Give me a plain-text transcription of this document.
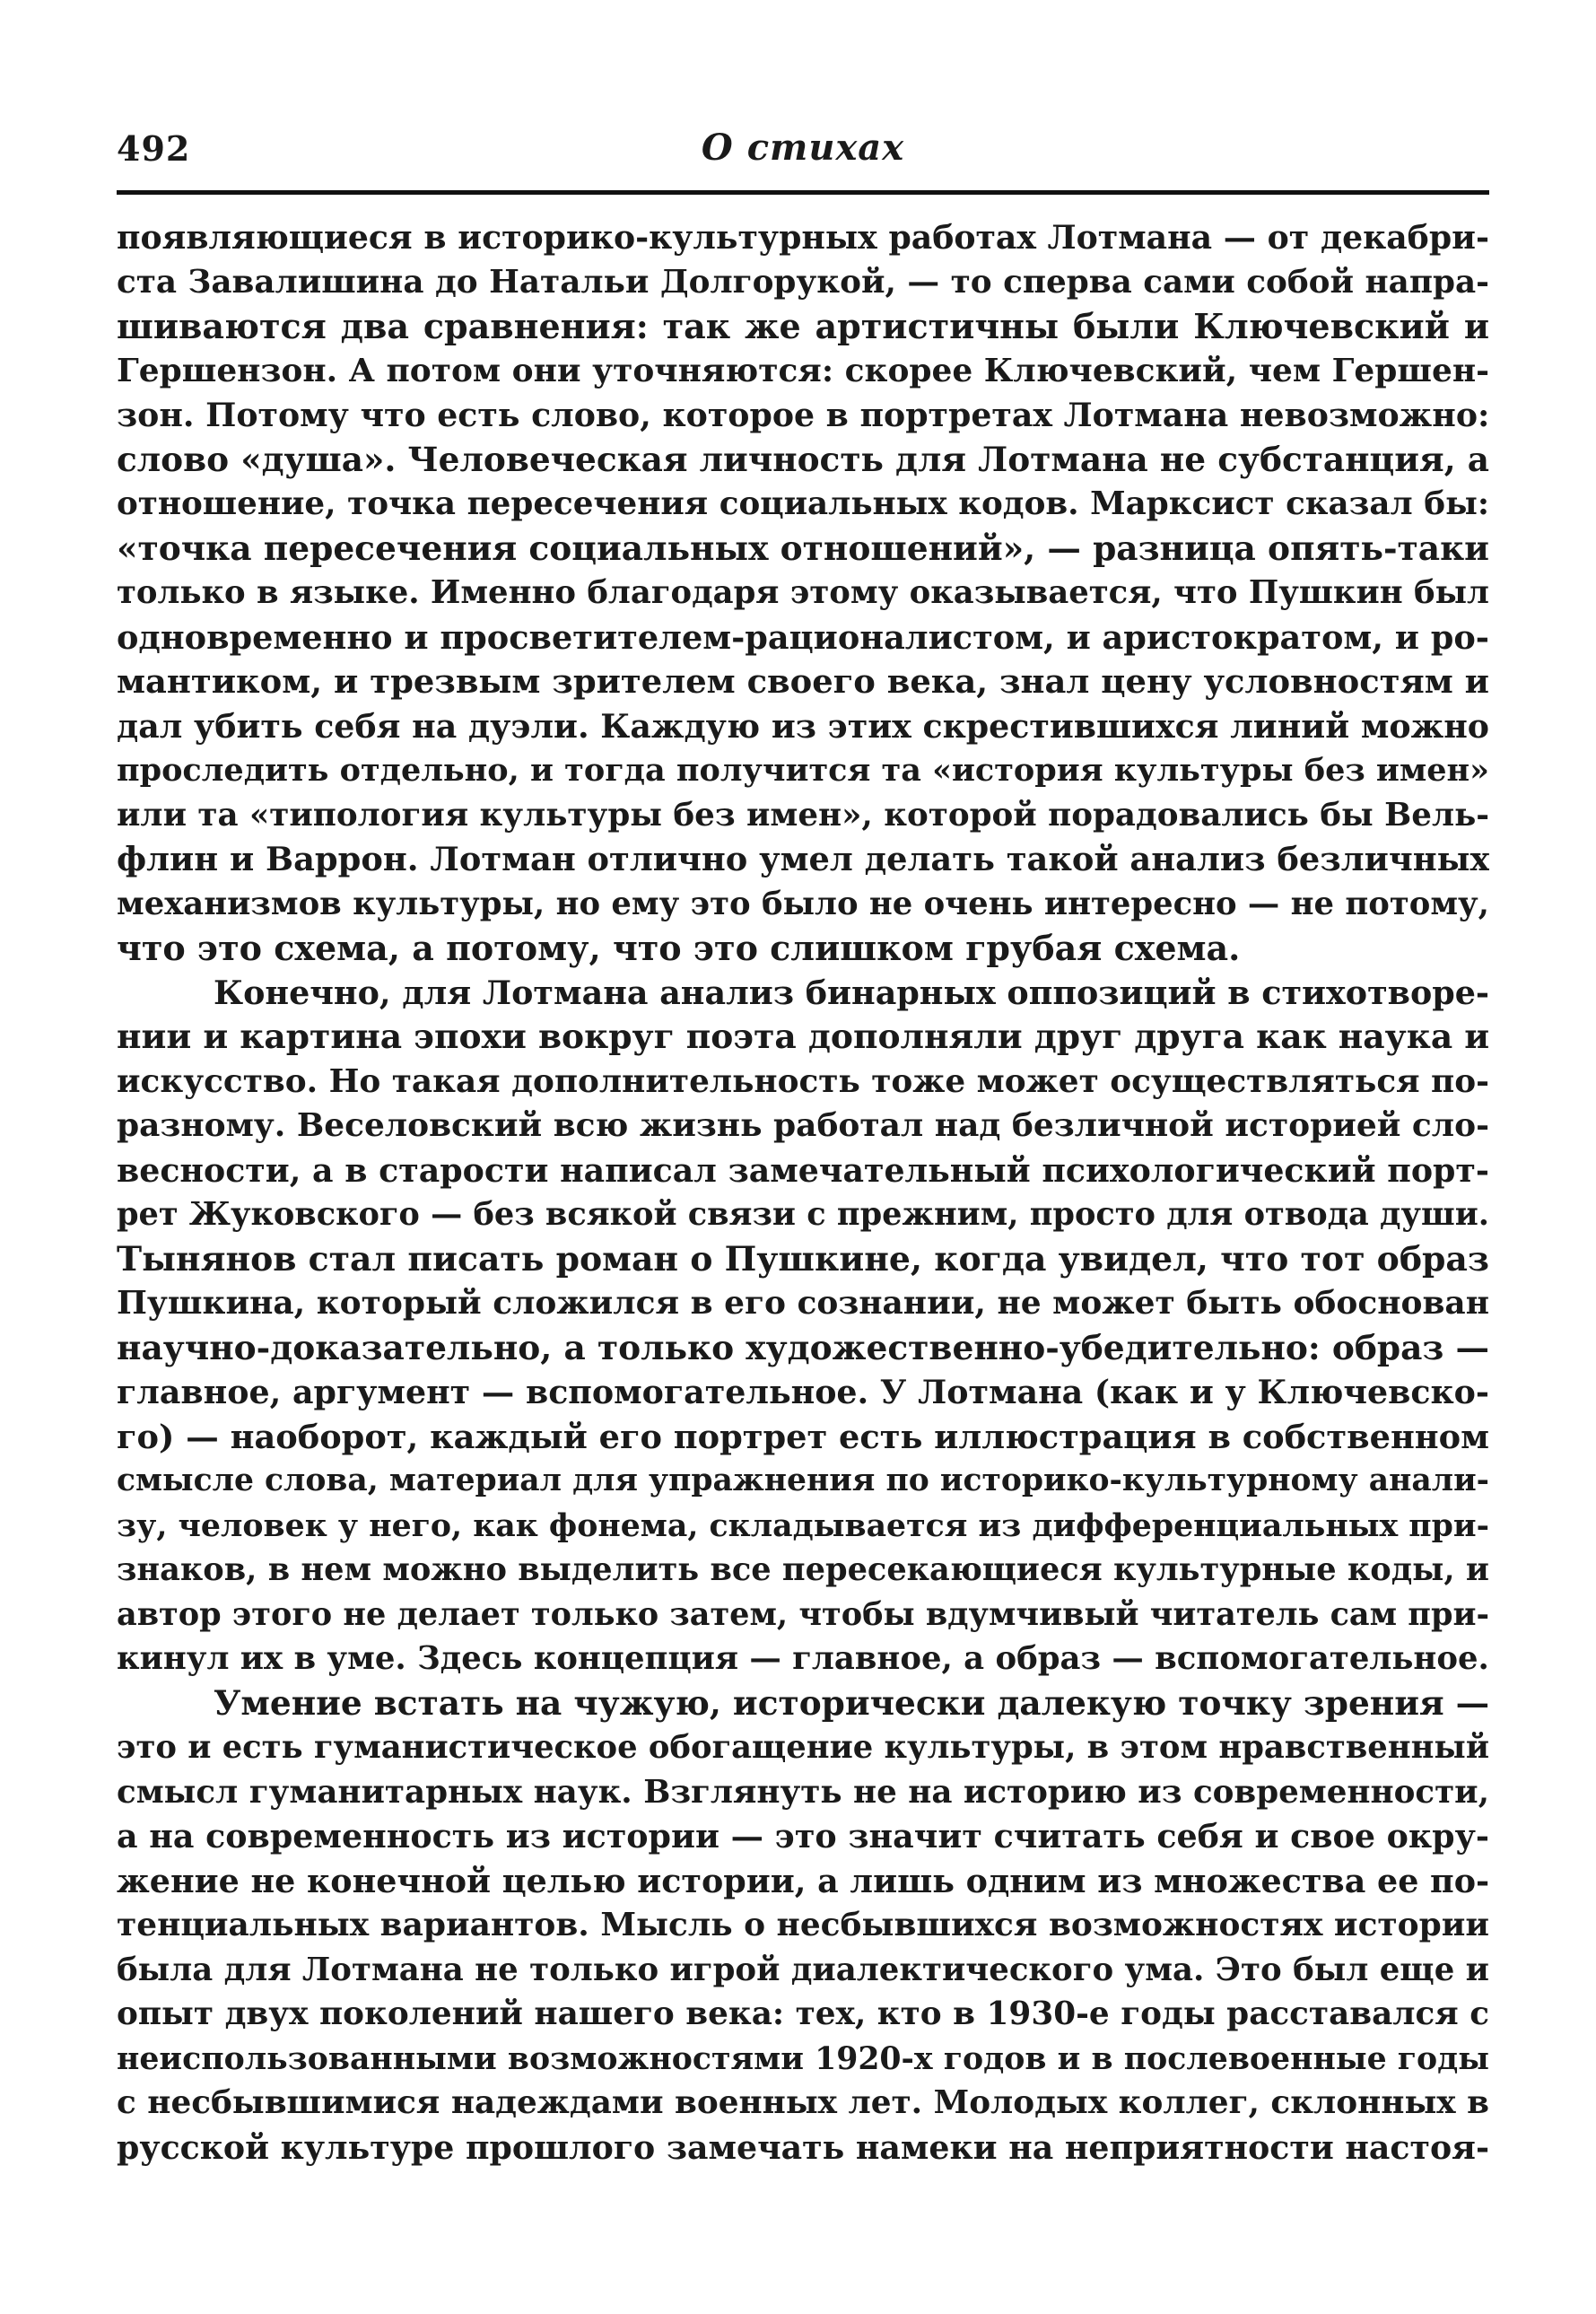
492	О стихах
появляющиеся в историко-культурных работах Лотмана — от декабри-
ста Завалишина до Натальи Долгорукой, — то сперва сами собой напра-
шиваются два сравнения: так же артистичны были Ключевский и
Гершензон. А потом они уточняются: скорее Ключевский, чем Гершен-
зон. Потому что есть слово, которое в портретах Лотмана невозможно:
слово «душа». Человеческая личность для Лотмана не субстанция, а
отношение, точка пересечения социальных кодов. Марксист сказал бы:
«точка пересечения социальных отношений», — разница опять-таки
только в языке. Именно благодаря этому оказывается, что Пушкин был
одновременно и просветителем-рационалистом, и аристократом, и ро-
мантиком, и трезвым зрителем своего века, знал цену условностям и
дал убить себя на дуэли. Каждую из этих скрестившихся линий можно
проследить отдельно, и тогда получится та «история культуры без имен»
или та «типология культуры без имен», которой порадовались бы Вель-
флин и Варрон. Лотман отлично умел делать такой анализ безличных
механизмов культуры, но ему это было не очень интересно — не потому,
что это схема, а потому, что это слишком грубая схема.
Конечно, для Лотмана анализ бинарных оппозиций в стихотворе-
нии и картина эпохи вокруг поэта дополняли друг друга как наука и
искусство. Но такая дополнительность тоже может осуществляться по-
разному. Веселовский всю жизнь работал над безличной историей сло-
весности, а в старости написал замечательный психологический порт-
рет Жуковского — без всякой связи с прежним, просто для отвода души.
Тынянов стал писать роман о Пушкине, когда увидел, что тот образ
Пушкина, который сложился в его сознании, не может быть обоснован
научно-доказательно, а только художественно-убедительно: образ —
главное, аргумент — вспомогательное. У Лотмана (как и у Ключевско-
го) — наоборот, каждый его портрет есть иллюстрация в собственном
смысле слова, материал для упражнения по историко-культурному анали-
зу, человек у него, как фонема, складывается из дифференциальных при-
знаков, в нем можно выделить все пересекающиеся культурные коды, и
автор этого не делает только затем, чтобы вдумчивый читатель сам при-
кинул их в уме. Здесь концепция — главное, а образ — вспомогательное.
Умение встать на чужую, исторически далекую точку зрения —
это и есть гуманистическое обогащение культуры, в этом нравственный
смысл гуманитарных наук. Взглянуть не на историю из современности,
а на современность из истории — это значит считать себя и свое окру-
жение не конечной целью истории, а лишь одним из множества ее по-
тенциальных вариантов. Мысль о несбывшихся возможностях истории
была для Лотмана не только игрой диалектического ума. Это был еще и
опыт двух поколений нашего века: тех, кто в 1930-е годы расставался с
неиспользованными возможностями 1920-х годов и в послевоенные годы
с несбывшимися надеждами военных лет. Молодых коллег, склонных в
русской культуре прошлого замечать намеки на неприятности настоя-
